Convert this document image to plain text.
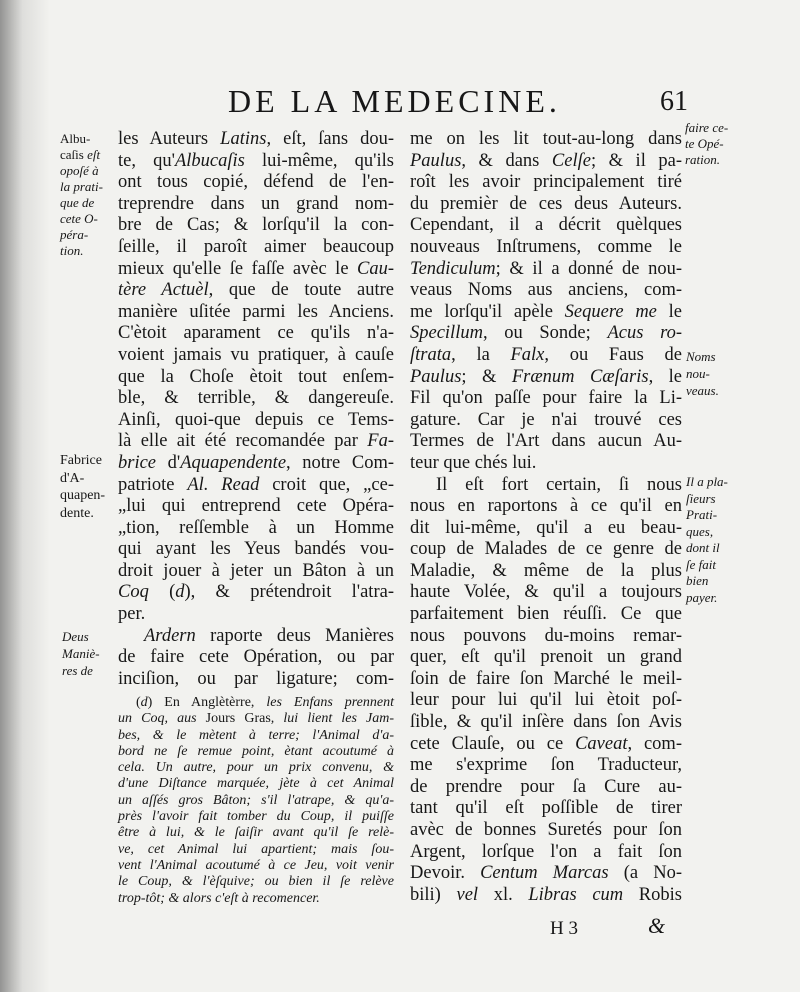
DE LA MEDECINE.	61
Albu-
caſis eſt
opoſé à
la prati-
que de
cete O-
péra-
tion.
Fabrice
d'A-
quapen-
dente.
Deus
Maniè-
res de
les Auteurs Latins, eſt, ſans dou-
te, qu'Albucaſis lui-même, qu'ils
ont tous copié, défend de l'en-
treprendre dans un grand nom-
bre de Cas; & lorſqu'il la con-
ſeille, il paroît aimer beaucoup
mieux qu'elle ſe faſſe avèc le Cau-
tère Actuèl, que de toute autre
manière uſitée parmi les Anciens.
C'ètoit aparament ce qu'ils n'a-
voient jamais vu pratiquer, à cauſe
que la Choſe ètoit tout enſem-
ble, & terrible, & dangereuſe.
Ainſi, quoi-que depuis ce Tems-
là elle ait été recomandée par Fa-
brice d'Aquapendente, notre Com-
patriote Al. Read croit que, „ce-
„lui qui entreprend cete Opéra-
„tion, reſſemble à un Homme
qui ayant les Yeus bandés vou-
droit jouer à jeter un Bâton à un
Coq (d), & prétendroit l'atra-
per.
Ardern raporte deus Manières
de faire cete Opération, ou par
inciſion, ou par ligature; com-
(d) En Anglètèrre, les Enfans prennent
un Coq, aus Jours Gras, lui lient les Jam-
bes, & le mètent à terre; l'Animal d'a-
bord ne ſe remue point, ètant acoutumé à
cela. Un autre, pour un prix convenu, &
d'une Diſtance marquée, jète à cet Animal
un aſſés gros Bâton; s'il l'atrape, & qu'a-
près l'avoir fait tomber du Coup, il puiſſe
être à lui, & le ſaiſir avant qu'il ſe relè-
ve, cet Animal lui apartient; mais ſou-
vent l'Animal acoutumé à ce Jeu, voit venir
le Coup, & l'èſquive; ou bien il ſe relève
trop-tôt; & alors c'eſt à recomencer.
me on les lit tout-au-long dans
Paulus, & dans Celſe; & il pa-
roît les avoir principalement tiré
du premièr de ces deus Auteurs.
Cependant, il a décrit quèlques
nouveaus Inſtrumens, comme le
Tendiculum; & il a donné de nou-
veaus Noms aus anciens, com-
me lorſqu'il apèle Sequere me le
Specillum, ou Sonde; Acus ro-
ſtrata, la Falx, ou Faus de
Paulus; & Frænum Cæſaris, le
Fil qu'on paſſe pour faire la Li-
gature. Car je n'ai trouvé ces
Termes de l'Art dans aucun Au-
teur que chés lui.
Il eſt fort certain, ſi nous
nous en raportons à ce qu'il en
dit lui-même, qu'il a eu beau-
coup de Malades de ce genre de
Maladie, & même de la plus
haute Volée, & qu'il a toujours
parfaitement bien réuſſi. Ce que
nous pouvons du-moins remar-
quer, eſt qu'il prenoit un grand
ſoin de faire ſon Marché le meil-
leur pour lui qu'il lui ètoit poſ-
ſible, & qu'il inſère dans ſon Avis
cete Clauſe, ou ce Caveat, com-
me s'exprime ſon Traducteur,
de prendre pour ſa Cure au-
tant qu'il eſt poſſible de tirer
avèc de bonnes Suretés pour ſon
Argent, lorſque l'on a fait ſon
Devoir. Centum Marcas (a No-
bili) vel xl. Libras cum Robis
faire ce-
te Opé-
ration.
Noms
nou-
veaus.
Il a pla-
ſieurs
Prati-
ques,
dont il
ſe fait
bien
payer.
H 3	&
